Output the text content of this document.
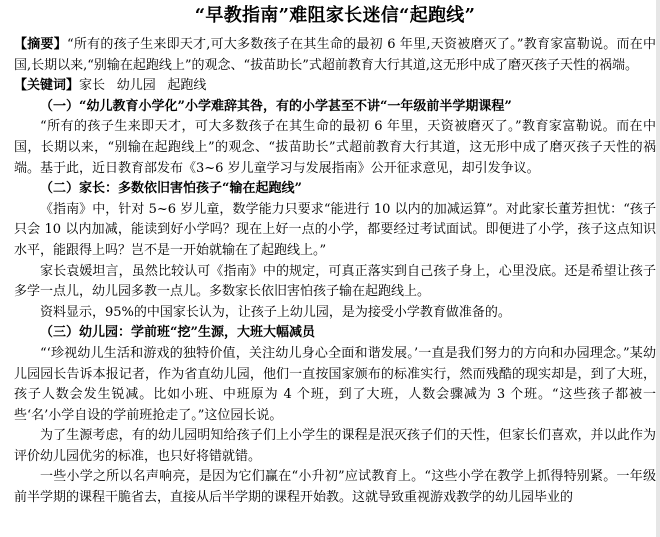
“早教指南”难阻家长迷信“起跑线”

【摘要】“所有的孩子生来即天才,可大多数孩子在其生命的最初 6 年里,天资被磨灭了。”教育家富勒说。而在中国,长期以来,“别输在起跑线上”的观念、“拔苗助长”式超前教育大行其道,这无形中成了磨灭孩子天性的祸端。

【关键词】家长 幼儿园 起跑线

（一）“幼儿教育小学化”小学难辞其咎，有的小学甚至不讲“一年级前半学期课程”

“所有的孩子生来即天才，可大多数孩子在其生命的最初 6 年里，天资被磨灭了。”教育家富勒说。而在中国，长期以来，“别输在起跑线上”的观念、“拔苗助长”式超前教育大行其道，这无形中成了磨灭孩子天性的祸端。基于此，近日教育部发布《3~6 岁儿童学习与发展指南》公开征求意见，却引发争议。

（二）家长：多数依旧害怕孩子“输在起跑线”

《指南》中，针对 5~6 岁儿童，数学能力只要求“能进行 10 以内的加减运算”。对此家长董芳担忧：“孩子只会 10 以内加减，能读到好小学吗？现在上好一点的小学，都要经过考试面试。即便进了小学，孩子这点知识水平，能跟得上吗？岂不是一开始就输在了起跑线上。”

家长袁媛坦言，虽然比较认可《指南》中的规定，可真正落实到自己孩子身上，心里没底。还是希望让孩子多学一点儿，幼儿园多教一点儿。多数家长依旧害怕孩子输在起跑线上。

资料显示，95%的中国家长认为，让孩子上幼儿园，是为接受小学教育做准备的。

（三）幼儿园：学前班“挖”生源，大班大幅减员

“‘珍视幼儿生活和游戏的独特价值，关注幼儿身心全面和谐发展。’一直是我们努力的方向和办园理念。”某幼儿园园长告诉本报记者，作为省直幼儿园，他们一直按国家颁布的标准实行，然而残酷的现实却是，到了大班，孩子人数会发生锐减。比如小班、中班原为 4 个班，到了大班，人数会骤减为 3 个班。“这些孩子都被一些‘名’小学自设的学前班抢走了。”这位园长说。

为了生源考虑，有的幼儿园明知给孩子们上小学生的课程是泯灭孩子们的天性，但家长们喜欢，并以此作为评价幼儿园优劣的标准，也只好将错就错。

一些小学之所以名声响亮，是因为它们赢在“小升初”应试教育上。“这些小学在教学上抓得特别紧。一年级前半学期的课程干脆省去，直接从后半学期的课程开始教。这就导致重视游戏教学的幼儿园毕业的
